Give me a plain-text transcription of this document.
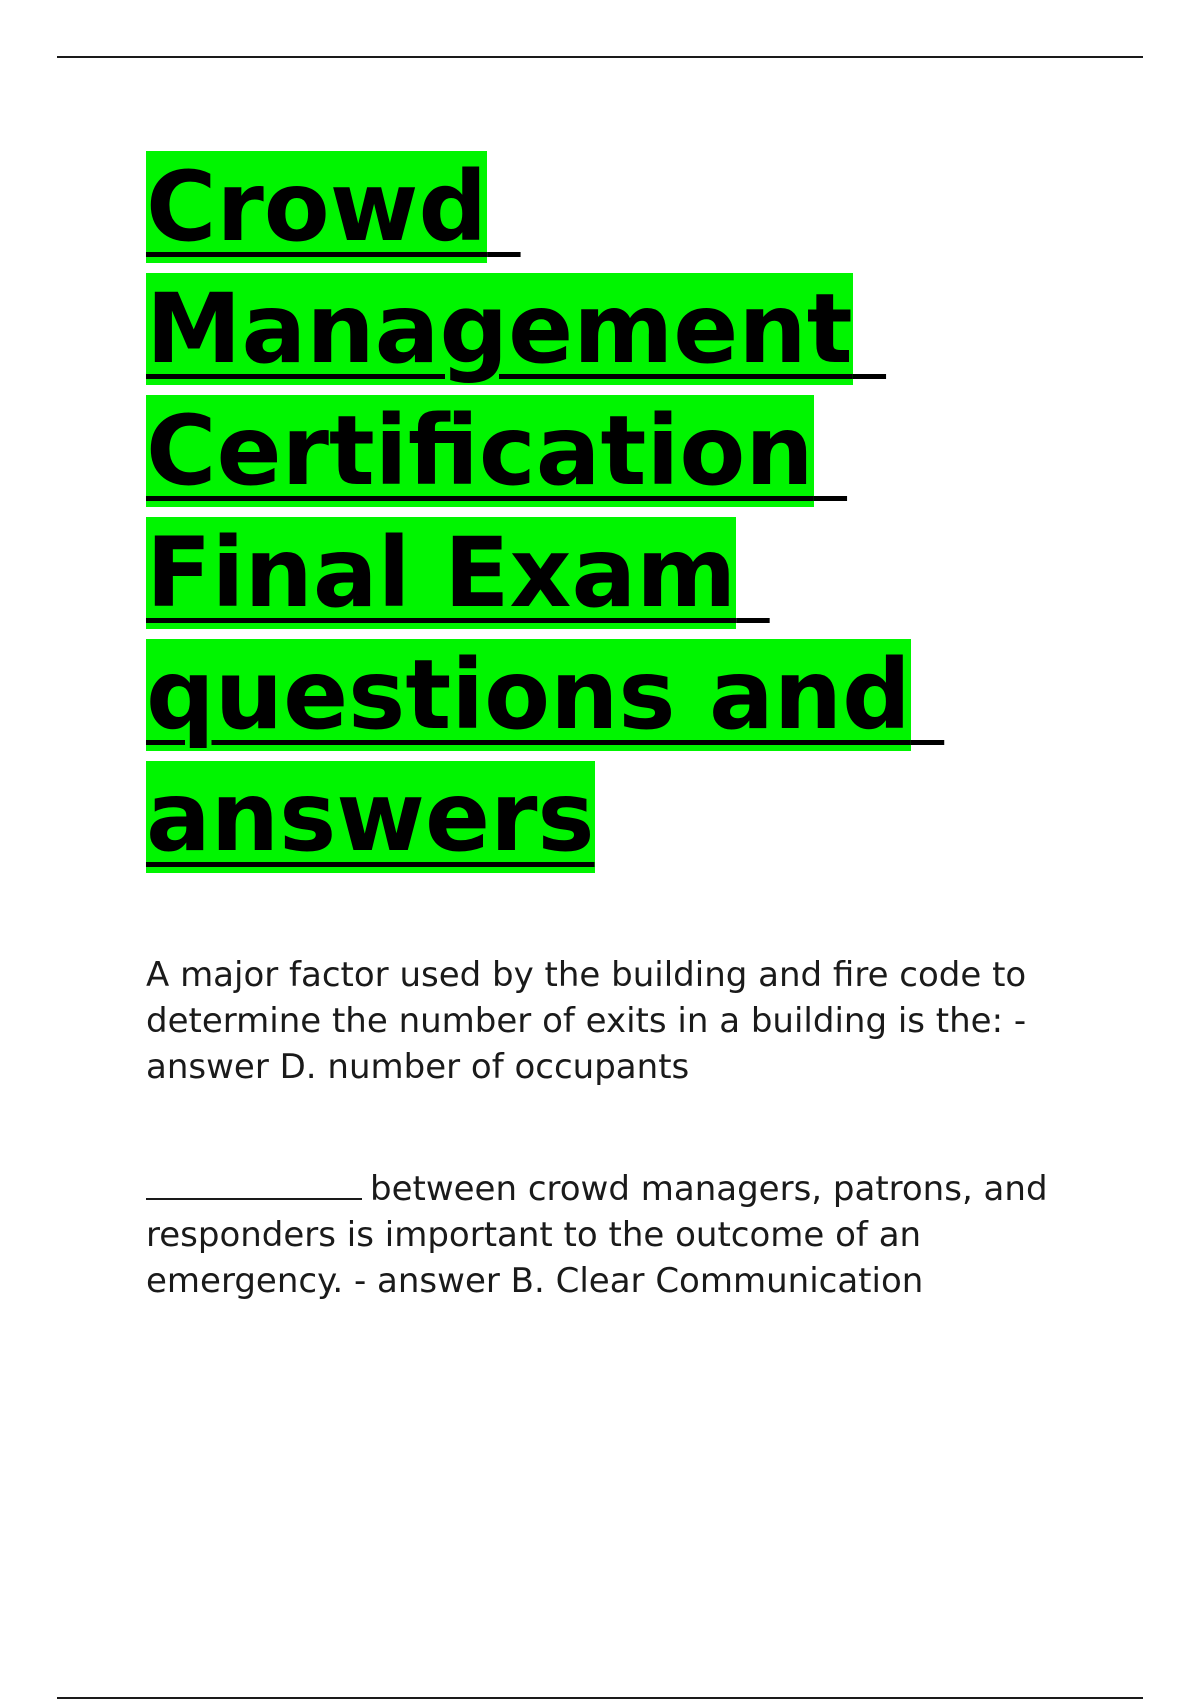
Crowd
Management
Certification
Final Exam
questions and
answers

A major factor used by the building and fire code to determine the number of exits in a building is the: - answer D. number of occupants

between crowd managers, patrons, and responders is important to the outcome of an emergency. - answer B. Clear Communication
